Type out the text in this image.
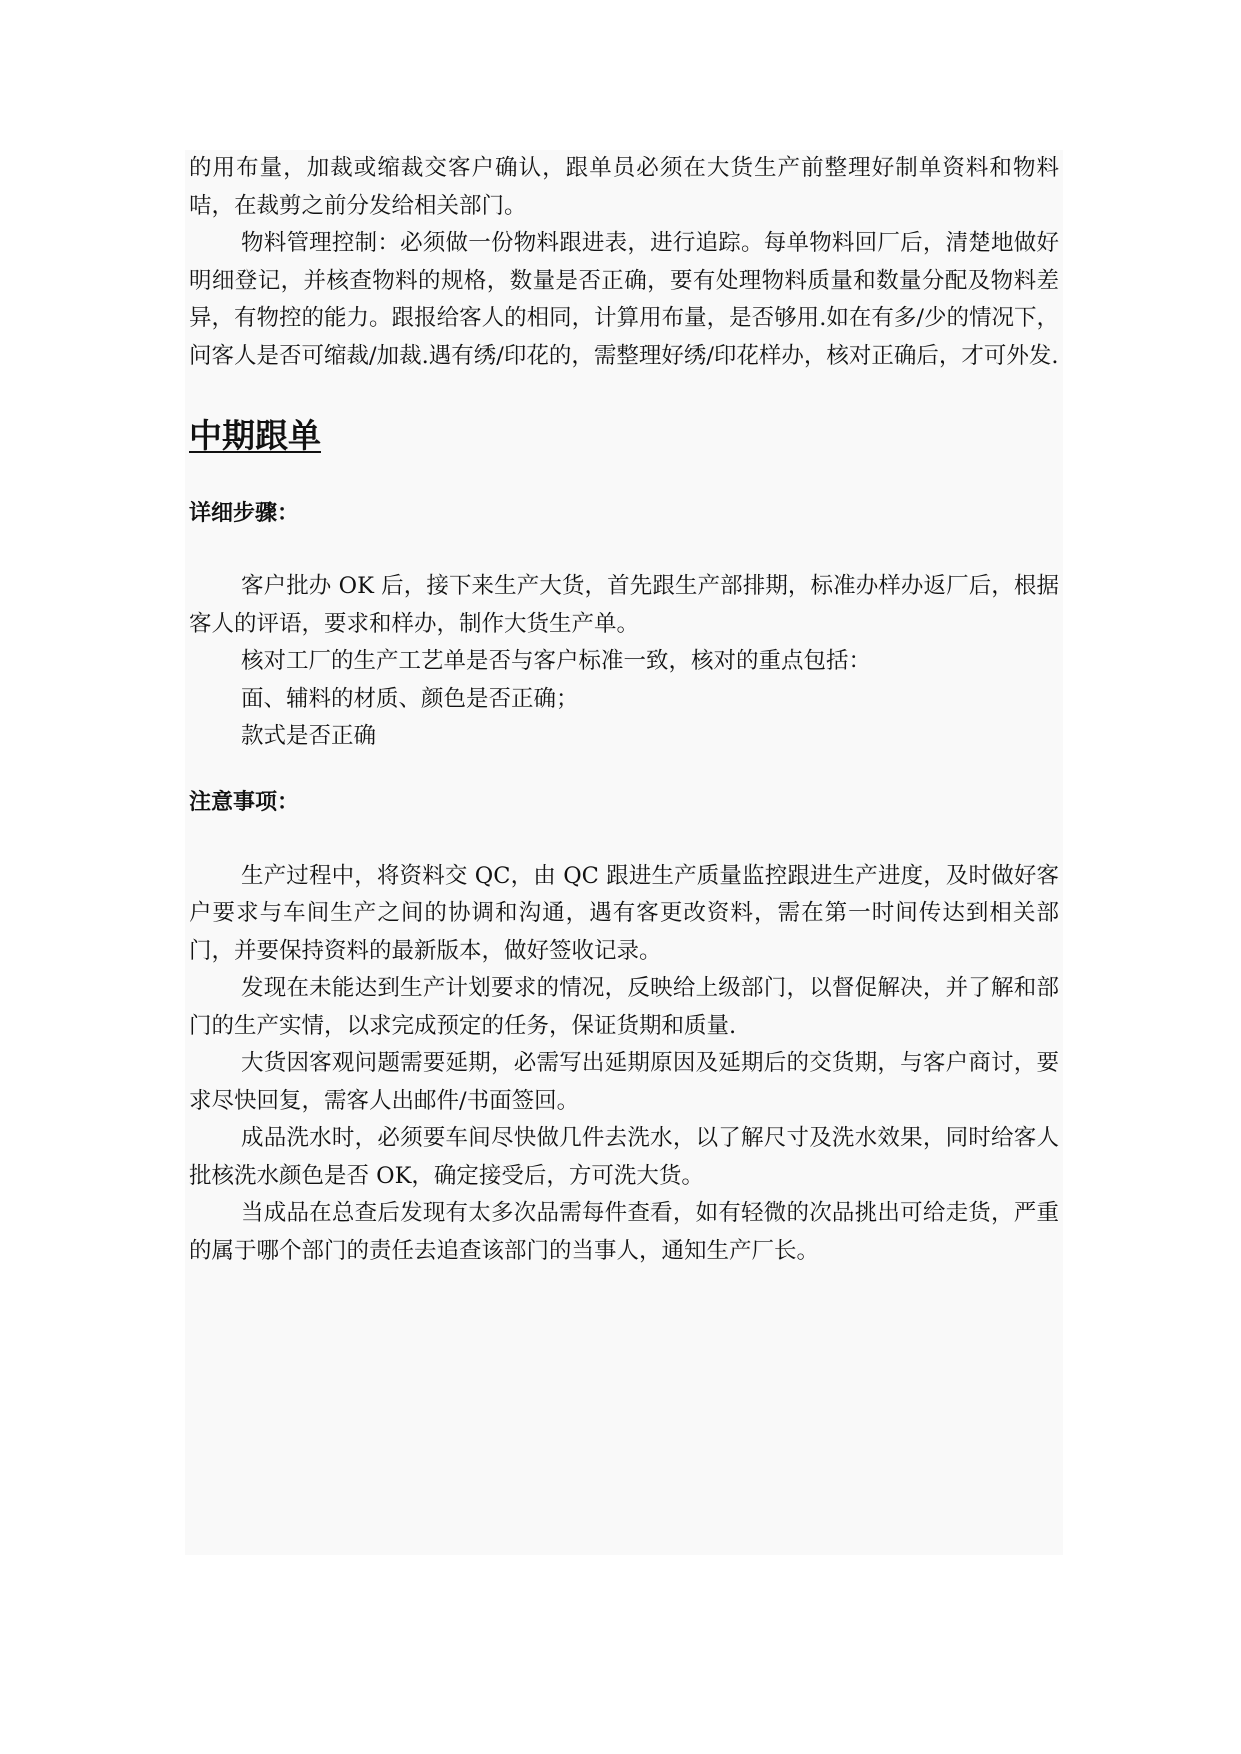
的用布量，加裁或缩裁交客户确认，跟单员必须在大货生产前整理好制单资料和物料咭，在裁剪之前分发给相关部门。

物料管理控制：必须做一份物料跟进表，进行追踪。每单物料回厂后，清楚地做好明细登记，并核查物料的规格，数量是否正确，要有处理物料质量和数量分配及物料差异，有物控的能力。跟报给客人的相同，计算用布量，是否够用.如在有多/少的情况下，问客人是否可缩裁/加裁.遇有绣/印花的，需整理好绣/印花样办，核对正确后，才可外发.

中期跟单
详细步骤：

客户批办 OK 后，接下来生产大货，首先跟生产部排期，标准办样办返厂后，根据客人的评语，要求和样办，制作大货生产单。

核对工厂的生产工艺单是否与客户标准一致，核对的重点包括：

面、辅料的材质、颜色是否正确；

款式是否正确

注意事项：

生产过程中，将资料交 QC，由 QC 跟进生产质量监控跟进生产进度，及时做好客户要求与车间生产之间的协调和沟通，遇有客更改资料，需在第一时间传达到相关部门，并要保持资料的最新版本，做好签收记录。

发现在未能达到生产计划要求的情况，反映给上级部门，以督促解决，并了解和部门的生产实情，以求完成预定的任务，保证货期和质量.

大货因客观问题需要延期，必需写出延期原因及延期后的交货期，与客户商讨，要求尽快回复，需客人出邮件/书面签回。

成品洗水时，必须要车间尽快做几件去洗水，以了解尺寸及洗水效果，同时给客人批核洗水颜色是否 OK，确定接受后，方可洗大货。

当成品在总查后发现有太多次品需每件查看，如有轻微的次品挑出可给走货，严重的属于哪个部门的责任去追查该部门的当事人，通知生产厂长。
